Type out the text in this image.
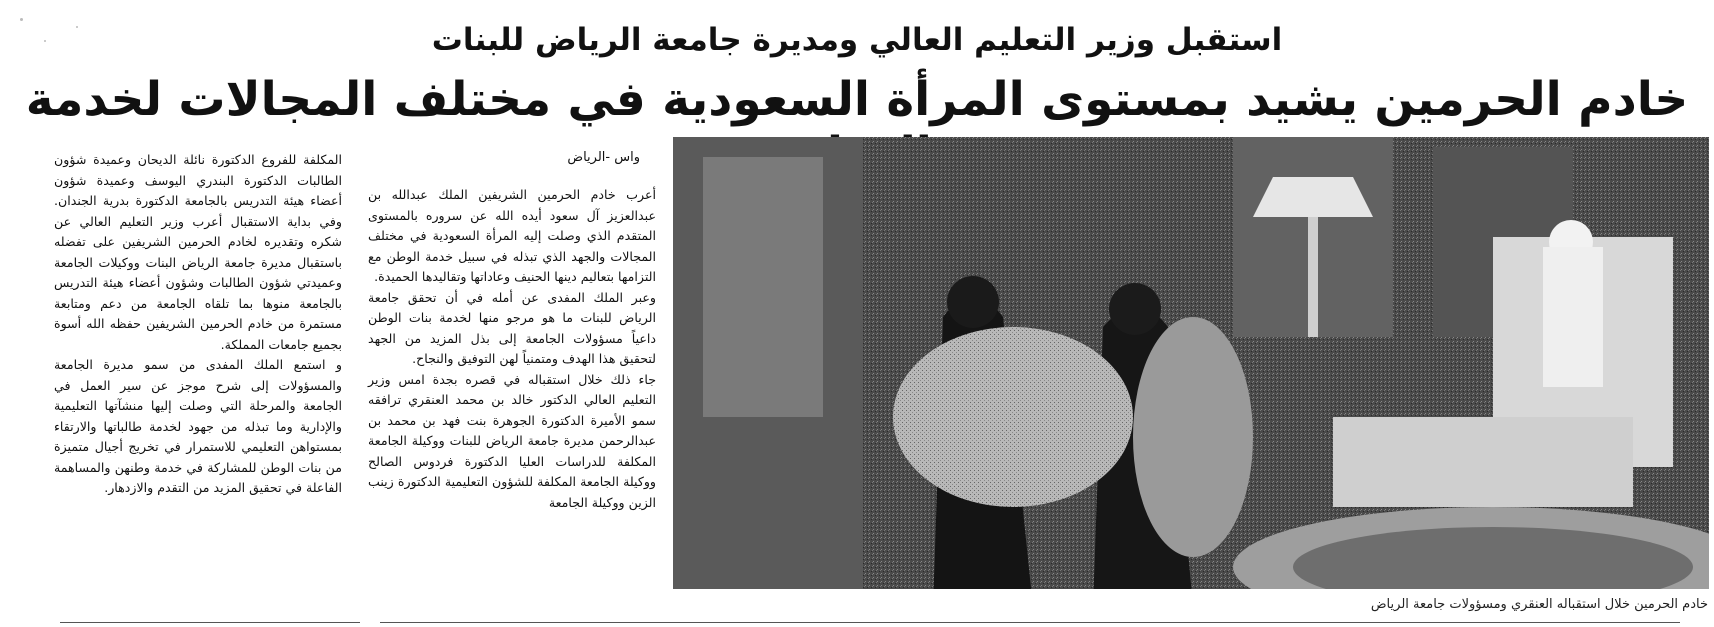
استقبل وزير التعليم العالي ومديرة جامعة الرياض للبنات
خادم الحرمين يشيد بمستوى المرأة السعودية في مختلف المجالات لخدمة
خادم الحرمين خلال استقباله العنقري ومسؤولات جامعة الرياض
واس -الرياض

أعرب خادم الحرمين الشريفين الملك عبدالله بن عبدالعزيز آل سعود أيده الله عن سروره بالمستوى المتقدم الذي وصلت إليه المرأة السعودية في مختلف المجالات والجهد الذي تبذله في سبيل خدمة الوطن مع التزامها بتعاليم دينها الحنيف وعاداتها وتقاليدها الحميدة.

وعبر الملك المفدى عن أمله في أن تحقق جامعة الرياض للبنات ما هو مرجو منها لخدمة بنات الوطن داعياً مسؤولات الجامعة إلى بذل المزيد من الجهد لتحقيق هذا الهدف ومتمنياً لهن التوفيق والنجاح.

جاء ذلك خلال استقباله في قصره بجدة امس وزير التعليم العالي الدكتور خالد بن محمد العنقري ترافقه سمو الأميرة الدكتورة الجوهرة بنت فهد بن محمد بن عبدالرحمن مديرة جامعة الرياض للبنات ووكيلة الجامعة المكلفة للدراسات العليا الدكتورة فردوس الصالح ووكيلة الجامعة المكلفة للشؤون التعليمية الدكتورة زينب الزين ووكيلة الجامعة

المكلفة للفروع الدكتورة نائلة الديحان وعميدة شؤون الطالبات الدكتورة البندري اليوسف وعميدة شؤون أعضاء هيئة التدريس بالجامعة الدكتورة بدرية الجندان. وفي بداية الاستقبال أعرب وزير التعليم العالي عن شكره وتقديره لخادم الحرمين الشريفين على تفضله باستقبال مديرة جامعة الرياض البنات ووكيلات الجامعة وعميدتي شؤون الطالبات وشؤون أعضاء هيئة التدريس بالجامعة منوها بما تلقاه الجامعة من دعم ومتابعة مستمرة من خادم الحرمين الشريفين حفظه الله أسوة بجميع جامعات المملكة.

و استمع الملك المفدى من سمو مديرة الجامعة والمسؤولات إلى شرح موجز عن سير العمل في الجامعة والمرحلة التي وصلت إليها منشآتها التعليمية والإدارية وما تبذله من جهود لخدمة طالباتها والارتقاء بمستواهن التعليمي للاستمرار في تخريج أجيال متميزة من بنات الوطن للمشاركة في خدمة وطنهن والمساهمة الفاعلة في تحقيق المزيد من التقدم والازدهار.
